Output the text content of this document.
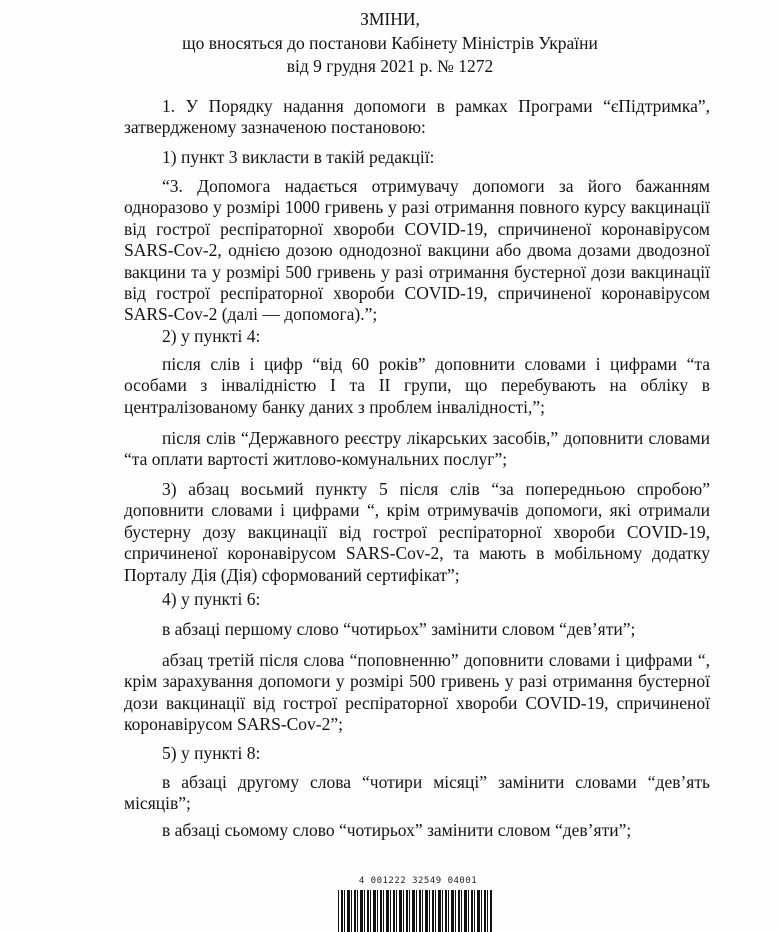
ЗМІНИ,
що вносяться до постанови Кабінету Міністрів України
від 9 грудня 2021 р. № 1272
1. У Порядку надання допомоги в рамках Програми “єПідтримка”, затвердженому зазначеною постановою:
1) пункт 3 викласти в такій редакції:
“3. Допомога надається отримувачу допомоги за його бажанням одноразово у розмірі 1000 гривень у разі отримання повного курсу вакцинації від гострої респіраторної хвороби COVID-19, спричиненої коронавірусом SARS-Cov-2, однією дозою однодозної вакцини або двома дозами дводозної вакцини та у розмірі 500 гривень у разі отримання бустерної дози вакцинації від гострої респіраторної хвороби COVID-19, спричиненої коронавірусом SARS-Cov-2 (далі — допомога).”;
2) у пункті 4:
після слів і цифр “від 60 років” доповнити словами і цифрами “та особами з інвалідністю I та II групи, що перебувають на обліку в централізованому банку даних з проблем інвалідності,”;
після слів “Державного реєстру лікарських засобів,” доповнити словами “та оплати вартості житлово-комунальних послуг”;
3) абзац восьмий пункту 5 після слів “за попередньою спробою” доповнити словами і цифрами “, крім отримувачів допомоги, які отримали бустерну дозу вакцинації від гострої респіраторної хвороби COVID-19, спричиненої коронавірусом SARS-Cov-2, та мають в мобільному додатку Порталу Дія (Дія) сформований сертифікат”;
4) у пункті 6:
в абзаці першому слово “чотирьох” замінити словом “дев’яти”;
абзац третій після слова “поповненню” доповнити словами і цифрами “, крім зарахування допомоги у розмірі 500 гривень у разі отримання бустерної дози вакцинації від гострої респіраторної хвороби COVID-19, спричиненої коронавірусом SARS-Cov-2”;
5) у пункті 8:
в абзаці другому слова “чотири місяці” замінити словами “дев’ять місяців”;
в абзаці сьомому слово “чотирьох” замінити словом “дев’яти”;
4 001222 32549 04001
